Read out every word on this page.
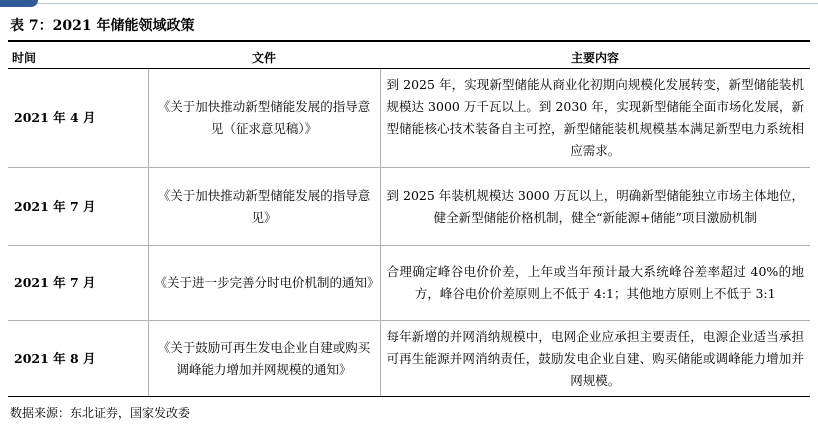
表 7：2021 年储能领域政策
时间	文件	主要内容
2021 年 4 月	《关于加快推动新型储能发展的指导意见（征求意见稿）》	到 2025 年，实现新型储能从商业化初期向规模化发展转变，新型储能装机规模达 3000 万千瓦以上。到 2030 年，实现新型储能全面市场化发展，新型储能核心技术装备自主可控，新型储能装机规模基本满足新型电力系统相应需求。
2021 年 7 月	《关于加快推动新型储能发展的指导意见》	到 2025 年装机规模达 3000 万瓦以上，明确新型储能独立市场主体地位，健全新型储能价格机制，健全“新能源+储能”项目激励机制
2021 年 7 月	《关于进一步完善分时电价机制的通知》	合理确定峰谷电价价差，上年或当年预计最大系统峰谷差率超过 40%的地方，峰谷电价价差原则上不低于 4:1；其他地方原则上不低于 3:1
2021 年 8 月	《关于鼓励可再生发电企业自建或购买调峰能力增加并网规模的通知》	每年新增的并网消纳规模中，电网企业应承担主要责任，电源企业适当承担可再生能源并网消纳责任，鼓励发电企业自建、购买储能或调峰能力增加并网规模。
数据来源：东北证券，国家发改委
